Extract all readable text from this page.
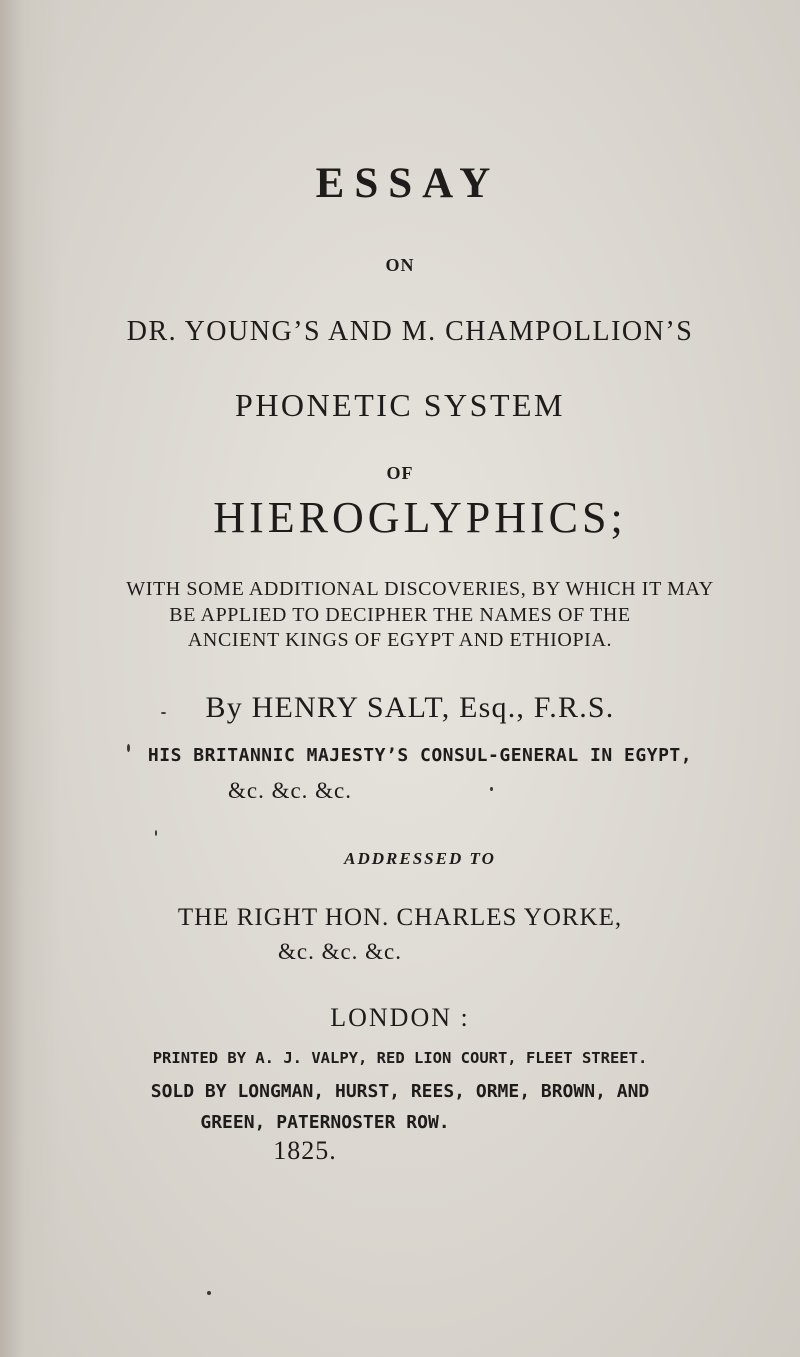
ESSAY
ON
DR. YOUNG’S AND M. CHAMPOLLION’S
PHONETIC SYSTEM
OF
HIEROGLYPHICS;
WITH SOME ADDITIONAL DISCOVERIES, BY WHICH IT MAY
BE APPLIED TO DECIPHER THE NAMES OF THE
ANCIENT KINGS OF EGYPT AND ETHIOPIA.
By HENRY SALT, Esq., F.R.S.
HIS BRITANNIC MAJESTY’S CONSUL-GENERAL IN EGYPT,
&c. &c. &c.
ADDRESSED TO
THE RIGHT HON. CHARLES YORKE,
&c. &c. &c.
LONDON :
PRINTED BY A. J. VALPY, RED LION COURT, FLEET STREET.
SOLD BY LONGMAN, HURST, REES, ORME, BROWN, AND
GREEN, PATERNOSTER ROW.
1825.
